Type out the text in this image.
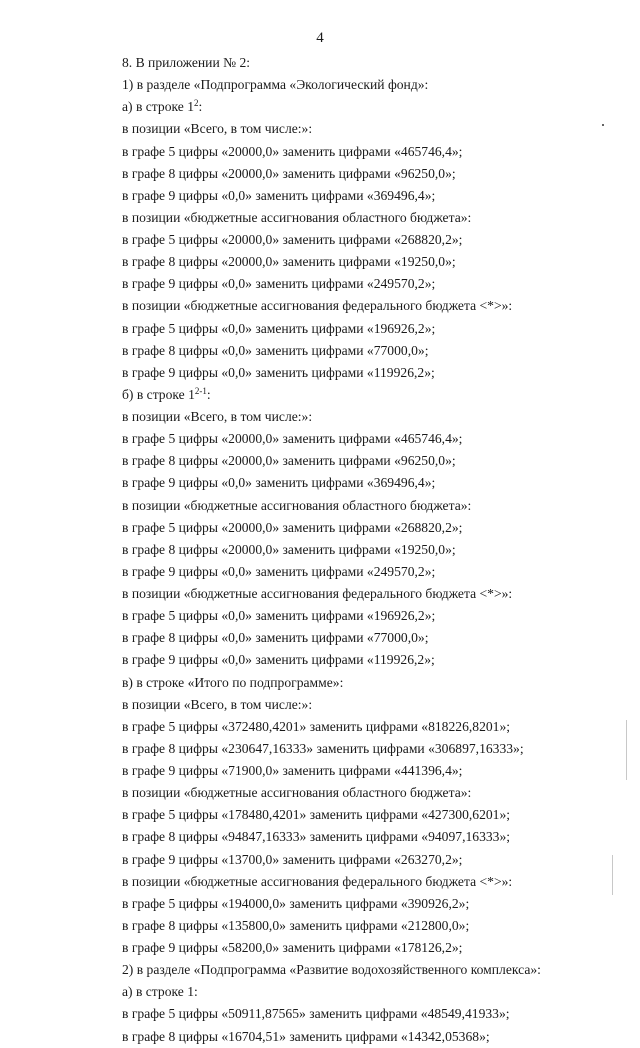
4
8. В приложении № 2:
1) в разделе «Подпрограмма «Экологический фонд»:
а) в строке $1^2$:
в позиции «Всего, в том числе:»:
в графе 5 цифры «20000,0» заменить цифрами «465746,4»;
в графе 8 цифры «20000,0» заменить цифрами «96250,0»;
в графе 9 цифры «0,0» заменить цифрами «369496,4»;
в позиции «бюджетные ассигнования областного бюджета»:
в графе 5 цифры «20000,0» заменить цифрами «268820,2»;
в графе 8 цифры «20000,0» заменить цифрами «19250,0»;
в графе 9 цифры «0,0» заменить цифрами «249570,2»;
в позиции «бюджетные ассигнования федерального бюджета <*>»:
в графе 5 цифры «0,0» заменить цифрами «196926,2»;
в графе 8 цифры «0,0» заменить цифрами «77000,0»;
в графе 9 цифры «0,0» заменить цифрами «119926,2»;
б) в строке 1$^{2-1}$:
в позиции «Всего, в том числе:»:
в графе 5 цифры «20000,0» заменить цифрами «465746,4»;
в графе 8 цифры «20000,0» заменить цифрами «96250,0»;
в графе 9 цифры «0,0» заменить цифрами «369496,4»;
в позиции «бюджетные ассигнования областного бюджета»:
в графе 5 цифры «20000,0» заменить цифрами «268820,2»;
в графе 8 цифры «20000,0» заменить цифрами «19250,0»;
в графе 9 цифры «0,0» заменить цифрами «249570,2»;
в позиции «бюджетные ассигнования федерального бюджета <*>»:
в графе 5 цифры «0,0» заменить цифрами «196926,2»;
в графе 8 цифры «0,0» заменить цифрами «77000,0»;
в графе 9 цифры «0,0» заменить цифрами «119926,2»;
в) в строке «Итого по подпрограмме»:
в позиции «Всего, в том числе:»:
в графе 5 цифры «372480,4201» заменить цифрами «818226,8201»;
в графе 8 цифры «230647,16333» заменить цифрами «306897,16333»;
в графе 9 цифры «71900,0» заменить цифрами «441396,4»;
в позиции «бюджетные ассигнования областного бюджета»:
в графе 5 цифры «178480,4201» заменить цифрами «427300,6201»;
в графе 8 цифры «94847,16333» заменить цифрами «94097,16333»;
в графе 9 цифры «13700,0» заменить цифрами «263270,2»;
в позиции «бюджетные ассигнования федерального бюджета <*>»:
в графе 5 цифры «194000,0» заменить цифрами «390926,2»;
в графе 8 цифры «135800,0» заменить цифрами «212800,0»;
в графе 9 цифры «58200,0» заменить цифрами «178126,2»;
2) в разделе «Подпрограмма «Развитие водохозяйственного комплекса»:
а) в строке 1:
в графе 5 цифры «50911,87565» заменить цифрами «48549,41933»;
в графе 8 цифры «16704,51» заменить цифрами «14342,05368»;
